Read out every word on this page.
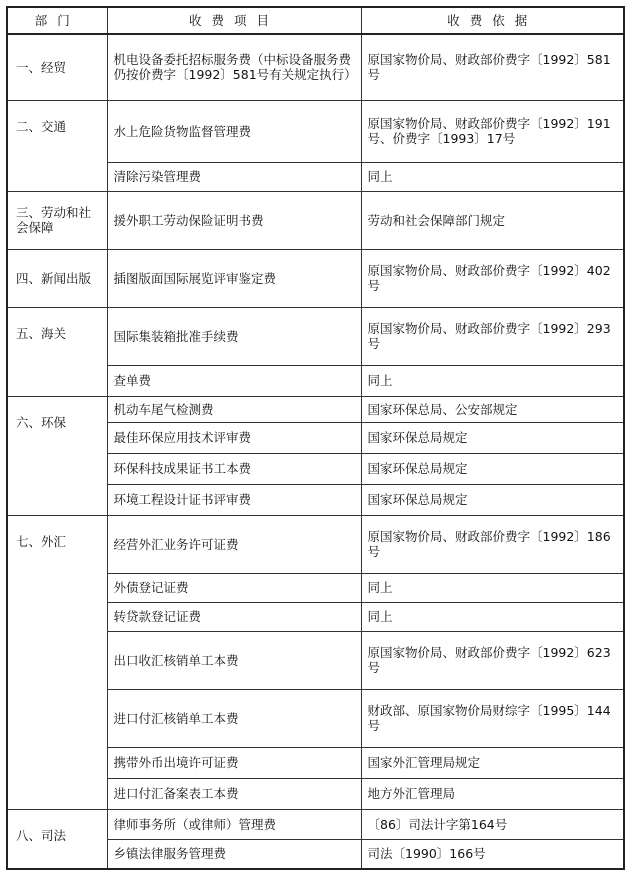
部门	收费项目	收费依据
一、经贸	机电设备委托招标服务费（中标设备服务费仍按价费字〔1992〕581号有关规定执行）	原国家物价局、财政部价费字〔1992〕581号
二、交通	水上危险货物监督管理费	原国家物价局、财政部价费字〔1992〕191号、价费字〔1993〕17号
	清除污染管理费	同上
三、劳动和社会保障	援外职工劳动保险证明书费	劳动和社会保障部门规定
四、新闻出版	插图版面国际展览评审鉴定费	原国家物价局、财政部价费字〔1992〕402号
五、海关	国际集装箱批准手续费	原国家物价局、财政部价费字〔1992〕293号
	查单费	同上
六、环保	机动车尾气检测费	国家环保总局、公安部规定
	最佳环保应用技术评审费	国家环保总局规定
	环保科技成果证书工本费	国家环保总局规定
	环境工程设计证书评审费	国家环保总局规定
七、外汇	经营外汇业务许可证费	原国家物价局、财政部价费字〔1992〕186号
	外债登记证费	同上
	转贷款登记证费	同上
	出口收汇核销单工本费	原国家物价局、财政部价费字〔1992〕623号
	进口付汇核销单工本费	财政部、原国家物价局财综字〔1995〕144号
	携带外币出境许可证费	国家外汇管理局规定
	进口付汇备案表工本费	地方外汇管理局
八、司法	律师事务所（或律师）管理费	〔86〕司法计字第164号
	乡镇法律服务管理费	司法〔1990〕166号
